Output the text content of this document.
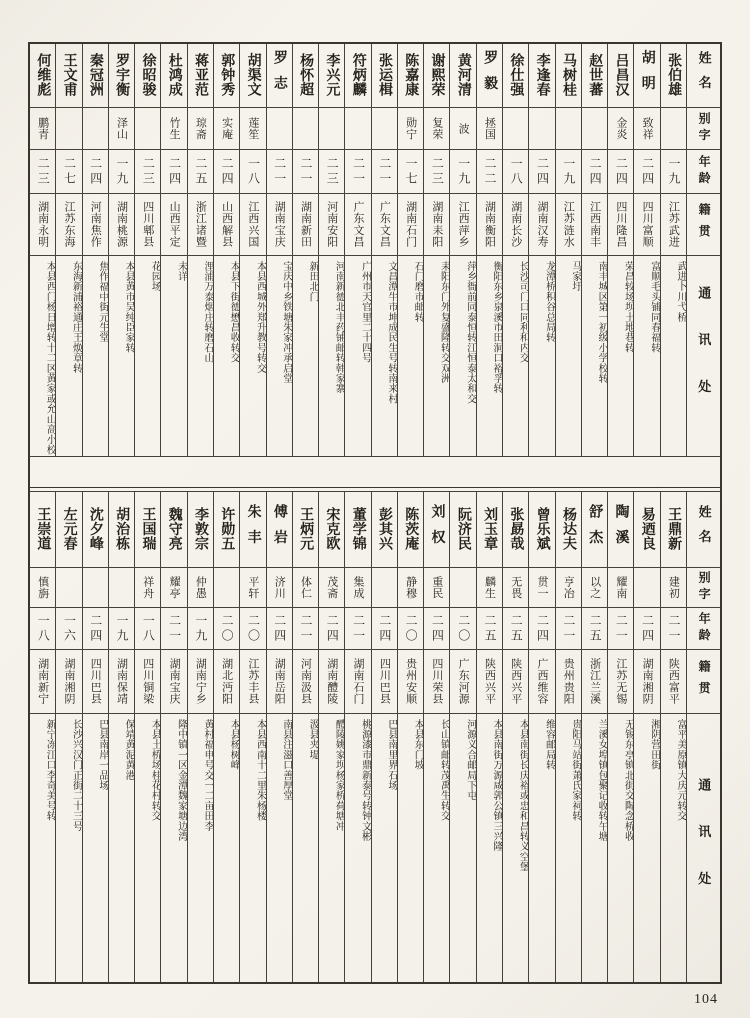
姓名
别字
年龄
籍贯
通讯处
张伯雄
一九
江苏武进
武进卜川弋桥
胡明
致祥
二四
四川富顺
富顺毛头铺同春福转
吕昌汉
金炎
二四
四川隆昌
荣昌较场坝土地巷转
赵世蕃
二四
江西南丰
南丰城区第一初级小学校转
马树桂
一九
江苏涟水
马家圩
李逢春
二四
湖南汉寿
龙潭桥积谷总局转
徐仕强
一八
湖南长沙
长沙司门口同利和内交
罗毅
拯国
二二
湖南衡阳
衡阳东乡泉溪市田洞口裕孚转
黄河清
波
一九
江西萍乡
萍乡衙前同泰恒转江恒泰太和交
谢熙荣
复荣
二三
湖南耒阳
耒阳东门外复盛隆转交双洲
陈嘉康
勋宁
一七
湖南石门
石门磨市邮转
张运楫
二一
广东文昌
文昌潭牛市坤成民生号转南来村
符炳麟
二一
广东文昌
广州市天官里二十四号
李兴元
二三
河南安阳
河南新德北丰药铺邮转韩家寨
杨怀超
二一
湖南新田
新田北门
罗志
二一
湖南宝庆
宝庆中乡铁塘朱家冲承启堂
胡渠文
莲笙
一八
江西兴国
本县西城外郑升教号转交
郭钟秀
实庵
二四
山西解县
本县下街德懋昌收转交
蒋亚范
琼斋
二五
浙江诸暨
浬浦万泰烟庄转磨石山
杜鸿成
竹生
二四
山西平定
未详
徐昭骏
二三
四川郫县
花园场
罗宇衡
泽山
一九
湖南桃源
本县黄市吴纯臣家转
秦冠洲
二四
河南焦作
焦作福中街元生堂
王文甫
二七
江苏东海
东海新浦裕通庄王焕章转
何维彪
鹏青
二三
湖南永明
本县西门杨日增转十二区黄家或允山高小校
姓名
别字
年龄
籍贯
通讯处
王鼎新
建初
二一
陕西富平
富平美原镇大庆元转交
易迺良
二四
湖南湘阴
湘阴营田街
陶溪
耀南
二一
江苏无锡
无锡东亭镇北街交陶念桥收
舒杰
以之
二五
浙江兰溪
兰溪女埠镇包聚记收转午塘
杨达夫
亨冶
二一
贵州贵阳
贵阳马站街萧氏家祠转
曾乐斌
贯一
二四
广西维容
维容邮局转
张勗哉
无畏
二五
陕西兴平
本县南街长庆裕或忠和昌转义空堡
刘玉章
麟生
二五
陕西兴平
本县南街万源咸郭公镇三兴隆
阮济民
二〇
广东河源
河源义合邮局下屯
刘权
重民
二四
四川荣县
长山镇邮转茂禹生转交
陈茨庵
静穆
二〇
贵州安顺
本县东门坡
彭其兴
二四
四川巴县
巴县南里界石场
董学锦
集成
二一
湖南石门
桃源漆市鼎新泰号转钟文彬
宋克欧
茂斋
二四
湖南醴陵
醴陵姚家坝杨家桥荷塘冲
王炳元
体仁
二一
河南汲县
汲县夹堤
傅岩
济川
二四
湖南岳阳
南县注滋口善厚堂
朱丰
平轩
二〇
江苏丰县
本县西南十二里朱杨楼
许勋五
二〇
湖北沔阳
本县杨树峰
李敦宗
仲愚
一九
湖南宁乡
黄村福申号交一二亩田李
魏守亮
耀亭
二一
湖南宝庆
隆中镇一区金潭魏家塘边湾
王国瑞
祥舟
一八
四川铜梁
本县土桥场桂花村转交
胡治栋
一九
湖南保靖
保靖黄泥黄港
沈夕峰
二四
四川巴县
巴县南岸一品场
左元春
一六
湖南湘阴
长沙兴汉门正街二十三号
王崇道
慎旃
一八
湖南新宁
新宁冻江口李奇美号转
104
